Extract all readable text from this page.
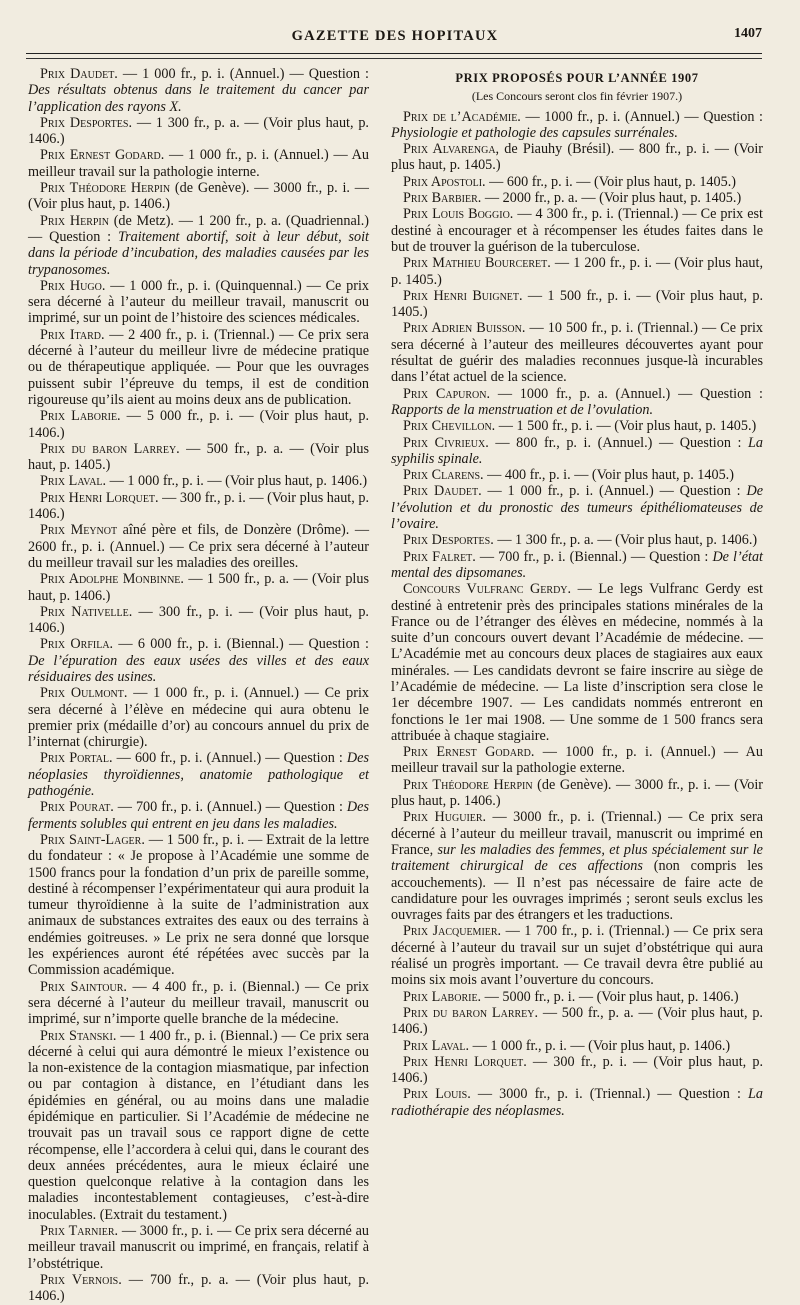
GAZETTE DES HOPITAUX	1407

Prix Daudet. — 1 000 fr., p. i. (Annuel.) — Question : Des résultats obtenus dans le traitement du cancer par l’application des rayons X.

Prix Desportes. — 1 300 fr., p. a. — (Voir plus haut, p. 1406.)

Prix Ernest Godard. — 1 000 fr., p. i. (Annuel.) — Au meilleur travail sur la pathologie interne.

Prix Théodore Herpin (de Genève). — 3000 fr., p. i. — (Voir plus haut, p. 1406.)

Prix Herpin (de Metz). — 1 200 fr., p. a. (Quadriennal.) — Question : Traitement abortif, soit à leur début, soit dans la période d’incubation, des maladies causées par les trypanosomes.

Prix Hugo. — 1 000 fr., p. i. (Quinquennal.) — Ce prix sera décerné à l’auteur du meilleur travail, manuscrit ou imprimé, sur un point de l’histoire des sciences médicales.

Prix Itard. — 2 400 fr., p. i. (Triennal.) — Ce prix sera décerné à l’auteur du meilleur livre de médecine pratique ou de thérapeutique appliquée. — Pour que les ouvrages puissent subir l’épreuve du temps, il est de condition rigoureuse qu’ils aient au moins deux ans de publication.

Prix Laborie. — 5 000 fr., p. i. — (Voir plus haut, p. 1406.)

Prix du baron Larrey. — 500 fr., p. a. — (Voir plus haut, p. 1405.)

Prix Laval. — 1 000 fr., p. i. — (Voir plus haut, p. 1406.)

Prix Henri Lorquet. — 300 fr., p. i. — (Voir plus haut, p. 1406.)

Prix Meynot aîné père et fils, de Donzère (Drôme). — 2600 fr., p. i. (Annuel.) — Ce prix sera décerné à l’auteur du meilleur travail sur les maladies des oreilles.

Prix Adolphe Monbinne. — 1 500 fr., p. a. — (Voir plus haut, p. 1406.)

Prix Nativelle. — 300 fr., p. i. — (Voir plus haut, p. 1406.)

Prix Orfila. — 6 000 fr., p. i. (Biennal.) — Question : De l’épuration des eaux usées des villes et des eaux résiduaires des usines.

Prix Oulmont. — 1 000 fr., p. i. (Annuel.) — Ce prix sera décerné à l’élève en médecine qui aura obtenu le premier prix (médaille d’or) au concours annuel du prix de l’internat (chirurgie).

Prix Portal. — 600 fr., p. i. (Annuel.) — Question : Des néoplasies thyroïdiennes, anatomie pathologique et pathogénie.

Prix Pourat. — 700 fr., p. i. (Annuel.) — Question : Des ferments solubles qui entrent en jeu dans les maladies.

Prix Saint-Lager. — 1 500 fr., p. i. — Extrait de la lettre du fondateur : « Je propose à l’Académie une somme de 1500 francs pour la fondation d’un prix de pareille somme, destiné à récompenser l’expérimentateur qui aura produit la tumeur thyroïdienne à la suite de l’administration aux animaux de substances extraites des eaux ou des terrains à endémies goitreuses. » Le prix ne sera donné que lorsque les expériences auront été répétées avec succès par la Commission académique.

Prix Saintour. — 4 400 fr., p. i. (Biennal.) — Ce prix sera décerné à l’auteur du meilleur travail, manuscrit ou imprimé, sur n’importe quelle branche de la médecine.

Prix Stanski. — 1 400 fr., p. i. (Biennal.) — Ce prix sera décerné à celui qui aura démontré le mieux l’existence ou la non-existence de la contagion miasmatique, par infection ou par contagion à distance, en l’étudiant dans les épidémies en général, ou au moins dans une maladie épidémique en particulier. Si l’Académie de médecine ne trouvait pas un travail sous ce rapport digne de cette récompense, elle l’accordera à celui qui, dans le courant des deux années précédentes, aura le mieux éclairé une question quelconque relative à la contagion dans les maladies incontestablement contagieuses, c’est-à-dire inoculables. (Extrait du testament.)

Prix Tarnier. — 3000 fr., p. i. — Ce prix sera décerné au meilleur travail manuscrit ou imprimé, en français, relatif à l’obstétrique.

Prix Vernois. — 700 fr., p. a. — (Voir plus haut, p. 1406.)

PRIX PROPOSÉS POUR L’ANNÉE 1907
(Les Concours seront clos fin février 1907.)

Prix de l’Académie. — 1000 fr., p. i. (Annuel.) — Question : Physiologie et pathologie des capsules surrénales.

Prix Alvarenga, de Piauhy (Brésil). — 800 fr., p. i. — (Voir plus haut, p. 1405.)

Prix Apostoli. — 600 fr., p. i. — (Voir plus haut, p. 1405.)

Prix Barbier. — 2000 fr., p. a. — (Voir plus haut, p. 1405.)

Prix Louis Boggio. — 4 300 fr., p. i. (Triennal.) — Ce prix est destiné à encourager et à récompenser les études faites dans le but de trouver la guérison de la tuberculose.

Prix Mathieu Bourceret. — 1 200 fr., p. i. — (Voir plus haut, p. 1405.)

Prix Henri Buignet. — 1 500 fr., p. i. — (Voir plus haut, p. 1405.)

Prix Adrien Buisson. — 10 500 fr., p. i. (Triennal.) — Ce prix sera décerné à l’auteur des meilleures découvertes ayant pour résultat de guérir des maladies reconnues jusque-là incurables dans l’état actuel de la science.

Prix Capuron. — 1000 fr., p. a. (Annuel.) — Question : Rapports de la menstruation et de l’ovulation.

Prix Chevillon. — 1 500 fr., p. i. — (Voir plus haut, p. 1405.)

Prix Civrieux. — 800 fr., p. i. (Annuel.) — Question : La syphilis spinale.

Prix Clarens. — 400 fr., p. i. — (Voir plus haut, p. 1405.)

Prix Daudet. — 1 000 fr., p. i. (Annuel.) — Question : De l’évolution et du pronostic des tumeurs épithéliomateuses de l’ovaire.

Prix Desportes. — 1 300 fr., p. a. — (Voir plus haut, p. 1406.)

Prix Falret. — 700 fr., p. i. (Biennal.) — Question : De l’état mental des dipsomanes.

Concours Vulfranc Gerdy. — Le legs Vulfranc Gerdy est destiné à entretenir près des principales stations minérales de la France ou de l’étranger des élèves en médecine, nommés à la suite d’un concours ouvert devant l’Académie de médecine. — L’Académie met au concours deux places de stagiaires aux eaux minérales. — Les candidats devront se faire inscrire au siège de l’Académie de médecine. — La liste d’inscription sera close le 1er décembre 1907. — Les candidats nommés entreront en fonctions le 1er mai 1908. — Une somme de 1 500 francs sera attribuée à chaque stagiaire.

Prix Ernest Godard. — 1000 fr., p. i. (Annuel.) — Au meilleur travail sur la pathologie externe.

Prix Théodore Herpin (de Genève). — 3000 fr., p. i. — (Voir plus haut, p. 1406.)

Prix Huguier. — 3000 fr., p. i. (Triennal.) — Ce prix sera décerné à l’auteur du meilleur travail, manuscrit ou imprimé en France, sur les maladies des femmes, et plus spécialement sur le traitement chirurgical de ces affections (non compris les accouchements). — Il n’est pas nécessaire de faire acte de candidature pour les ouvrages imprimés ; seront seuls exclus les ouvrages faits par des étrangers et les traductions.

Prix Jacquemier. — 1 700 fr., p. i. (Triennal.) — Ce prix sera décerné à l’auteur du travail sur un sujet d’obstétrique qui aura réalisé un progrès important. — Ce travail devra être publié au moins six mois avant l’ouverture du concours.

Prix Laborie. — 5000 fr., p. i. — (Voir plus haut, p. 1406.)

Prix du baron Larrey. — 500 fr., p. a. — (Voir plus haut, p. 1406.)

Prix Laval. — 1 000 fr., p. i. — (Voir plus haut, p. 1406.)

Prix Henri Lorquet. — 300 fr., p. i. — (Voir plus haut, p. 1406.)

Prix Louis. — 3000 fr., p. i. (Triennal.) — Question : La radiothérapie des néoplasmes.
